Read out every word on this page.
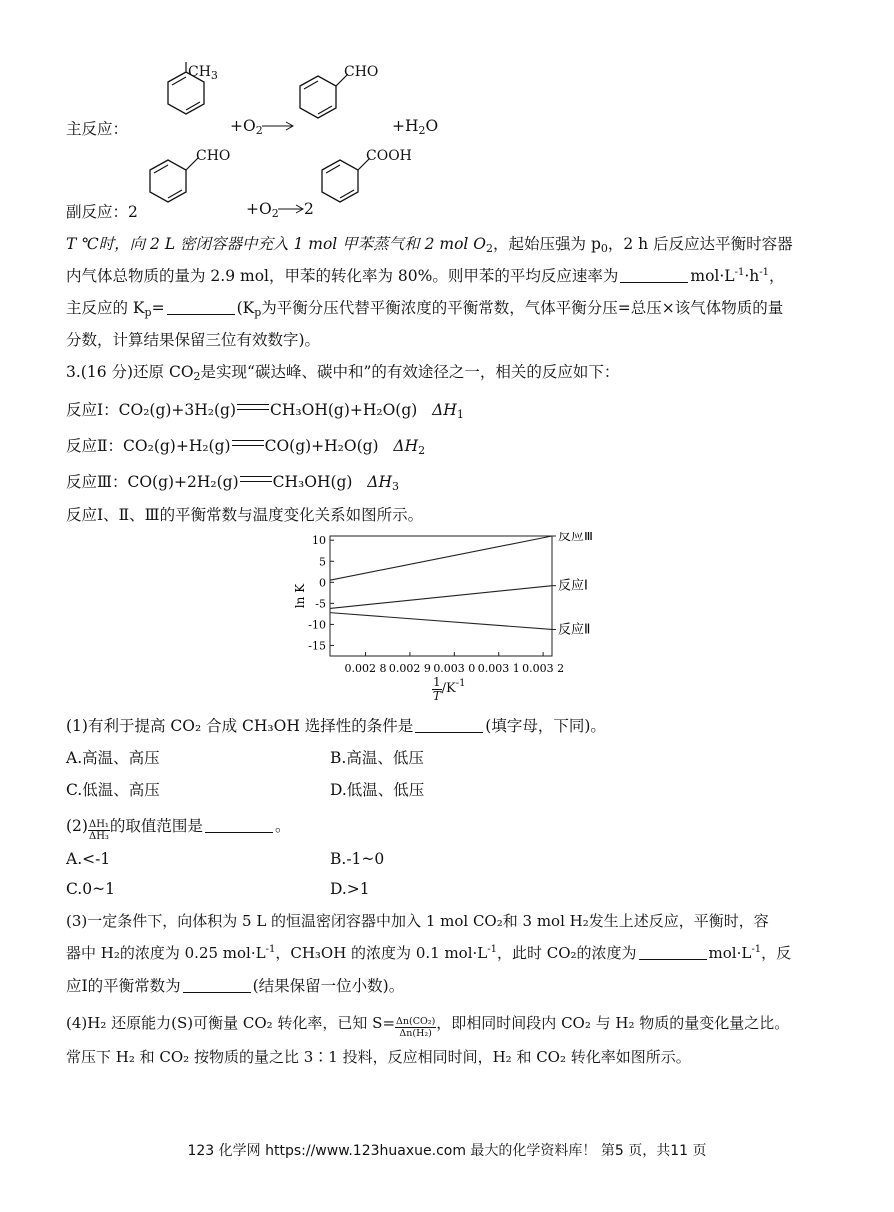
$CH_3$
主反应：	$+O_2$
CHO
$+H_2O$
CHO
副反应：2	$+O_2$ 2
COOH
T ℃时，向 2 L 密闭容器中充入 1 mol 甲苯蒸气和 2 mol $O_2$，起始压强为 $p_0$，2 h 后反应达平衡时容器
内气体总物质的量为 2.9 mol，甲苯的转化率为 80%。则甲苯的平均反应速率为	$mol\cdot L^{-1}\cdot h^{-1}$，
主反应的 $K_p=$	($K_p$为平衡分压代替平衡浓度的平衡常数，气体平衡分压=总压×该气体物质的量
分数，计算结果保留三位有效数字)。
3.(16 分)还原 $CO_2$是实现“碳达峰、碳中和”的有效途径之一，相关的反应如下：
反应Ⅰ：CO₂(g)+3H₂(g) CH₃OH(g)+H₂O(g) $\Delta H_1$
反应Ⅱ：CO₂(g)+H₂(g) CO(g)+H₂O(g) $\Delta H_2$
反应Ⅲ：CO(g)+2H₂(g) CH₃OH(g) $\Delta H_3$
反应Ⅰ、Ⅱ、Ⅲ的平衡常数与温度变化关系如图所示。
10
5
0
-5
-10
-15
0.002 8 0.002 9 0.003 0 0.003 1 0.003 2
ln K
反应Ⅲ
反应Ⅰ
反应Ⅱ
$\frac{1}{T} /K^{-1}$
(1)有利于提高 CO₂ 合成 CH₃OH 选择性的条件是	(填字母，下同)。
A.高温、高压	B.高温、低压
C.低温、高压	D.低温、低压
$(2) \frac{\text{ΔH₁}}{\text{ΔH₃}}$ 的取值范围是	。
A.<-1	B.-1~0
C.0~1	D.>1
(3)一定条件下，向体积为 5 L 的恒温密闭容器中加入 1 mol CO₂和 3 mol H₂发生上述反应，平衡时，容
器中 H₂的浓度为 0.25 $mol\cdot L^{-1}$，CH₃OH 的浓度为 0.1 $mol\cdot L^{-1}$，此时 CO₂的浓度为	$mol\cdot L^{-1}$，反
应Ⅰ的平衡常数为	(结果保留一位小数)。
(4)H₂ 还原能力(S)可衡量 CO₂ 转化率，已知 $S= \frac{\text{Δn(CO₂)}}{\text{Δn(H₂)}}$ ，即相同时间段内 CO₂ 与 H₂ 物质的量变化量之比。
常压下 H₂ 和 CO₂ 按物质的量之比 3∶1 投料，反应相同时间，H₂ 和 CO₂ 转化率如图所示。
123 化学网 https://www.123huaxue.com 最大的化学资料库！ 第5 页，共11 页
